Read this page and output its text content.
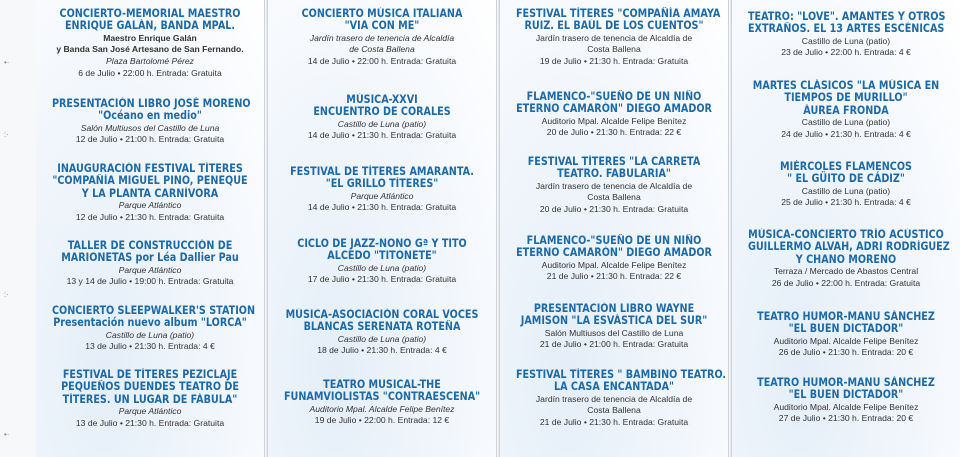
•·
:·
:·
•·
CONCIERTO-MEMORIAL MAESTRO
ENRIQUE GALÁN, BANDA MPAL.
Maestro Enrique Galán
y Banda San José Artesano de San Fernando.
Plaza Bartolomé Pérez
6 de Julio • 22:00 h. Entrada: Gratuita
PRESENTACIÓN LIBRO JOSÉ MORENO
"Océano en medio"
Salón Multiusos del Castillo de Luna
12 de Julio • 21:00 h. Entrada: Gratuita
INAUGURACIÓN FESTIVAL TÍTERES
"COMPAÑÍA MIGUEL PINO, PENEQUE
Y LA PLANTA CARNÍVORA
Parque Atlántico
12 de Julio • 21:30 h. Entrada: Gratuita
TALLER DE CONSTRUCCIÓN DE
MARIONETAS por Léa Dallier Pau
Parque Atlántico
13 y 14 de Julio • 19:00 h. Entrada: Gratuita
CONCIERTO SLEEPWALKER'S STATION
Presentación nuevo album "LORCA"
Castillo de Luna (patio)
13 de Julio • 21:30 h. Entrada: 4 €
FESTIVAL DE TÍTERES PEZICLAJE
PEQUEÑOS DUENDES TEATRO DE
TÍTERES. UN LUGAR DE FÁBULA"
Parque Atlántico
13 de Julio • 21:30 h. Entrada: Gratuita
CONCIERTO MÚSICA ITALIANA
"VIA CON ME"
Jardín trasero de tenencia de Alcaldía
de Costa Ballena
14 de Julio • 22:00 h. Entrada: Gratuita
MÚSICA-XXVI
ENCUENTRO DE CORALES
Castillo de Luna (patio)
14 de Julio • 21:30 h. Entrada: Gratuita
FESTIVAL DE TÍTERES AMARANTA.
"EL GRILLO TÍTERES"
Parque Atlántico
14 de Julio • 21:30 h. Entrada: Gratuita
CICLO DE JAZZ-NONO Gª Y TITO
ALCEDO "TITONETE"
Castillo de Luna (patio)
17 de Julio • 21:30 h. Entrada: Gratuita
MÚSICA-ASOCIACIÓN CORAL VOCES
BLANCAS SERENATA ROTEÑA
Castillo de Luna (patio)
18 de Julio • 21:30 h. Entrada: 4 €
TEATRO MUSICAL-THE
FUNAMVIOLISTAS "CONTRAESCENA"
Auditorio Mpal. Alcalde Felipe Benítez
19 de Julio • 22:00 h. Entrada: 12 €
FESTIVAL TÍTERES "COMPAÑÍA AMAYA
RUIZ. EL BAÚL DE LOS CUENTOS"
Jardín trasero de tenencia de Alcaldía de
Costa Ballena
19 de Julio • 21:30 h. Entrada: Gratuita
FLAMENCO-"SUEÑO DE UN NIÑO
ETERNO CAMARÓN" DIEGO AMADOR
Auditorio Mpal. Alcalde Felipe Benítez
20 de Julio • 21:30 h. Entrada: 22 €
FESTIVAL TÍTERES "LA CARRETA
TEATRO. FABULARIA"
Jardín trasero de tenencia de Alcaldía de
Costa Ballena
20 de Julio • 21:30 h. Entrada: Gratuita
FLAMENCO-"SUEÑO DE UN NIÑO
ETERNO CAMARÓN" DIEGO AMADOR
Auditorio Mpal. Alcalde Felipe Benítez
21 de Julio • 21:30 h. Entrada: 22 €
PRESENTACIÓN LIBRO WAYNE
JAMISON "LA ESVÁSTICA DEL SUR"
Salón Multiusos del Castillo de Luna
21 de Julio • 21:00 h. Entrada: Gratuita
FESTIVAL TÍTERES " BAMBINO TEATRO.
LA CASA ENCANTADA"
Jardín trasero de tenencia de Alcaldía de
Costa Ballena
21 de Julio • 21:30 h. Entrada: Gratuita
TEATRO: "LOVE". AMANTES Y OTROS
EXTRAÑOS. EL 13 ARTES ESCÉNICAS
Castillo de Luna (patio)
23 de Julio • 22:00 h. Entrada: 4 €
MARTES CLÁSICOS "LA MÚSICA EN
TIEMPOS DE MURILLO"
ÁUREA FRONDA
Castillo de Luna (patio)
24 de Julio • 21:30 h. Entrada: 4 €
MIÉRCOLES FLAMENCOS
" EL GÜITO DE CÁDIZ"
Castillo de Luna (patio)
25 de Julio • 21:30 h. Entrada: 4 €
MÚSICA-CONCIERTO TRÍO ACÚSTICO
GUILLERMO ALVAH, ADRI RODRÍGUEZ
Y CHANO MORENO
Terraza / Mercado de Abastos Central
26 de Julio • 22:00 h. Entrada: Gratuita
TEATRO HUMOR-MANU SÁNCHEZ
"EL BUEN DICTADOR"
Auditorio Mpal. Alcalde Felipe Benítez
26 de Julio • 21:30 h. Entrada: 20 €
TEATRO HUMOR-MANU SÁNCHEZ
"EL BUEN DICTADOR"
Auditorio Mpal. Alcalde Felipe Benítez
27 de Julio • 21:30 h. Entrada: 20 €
